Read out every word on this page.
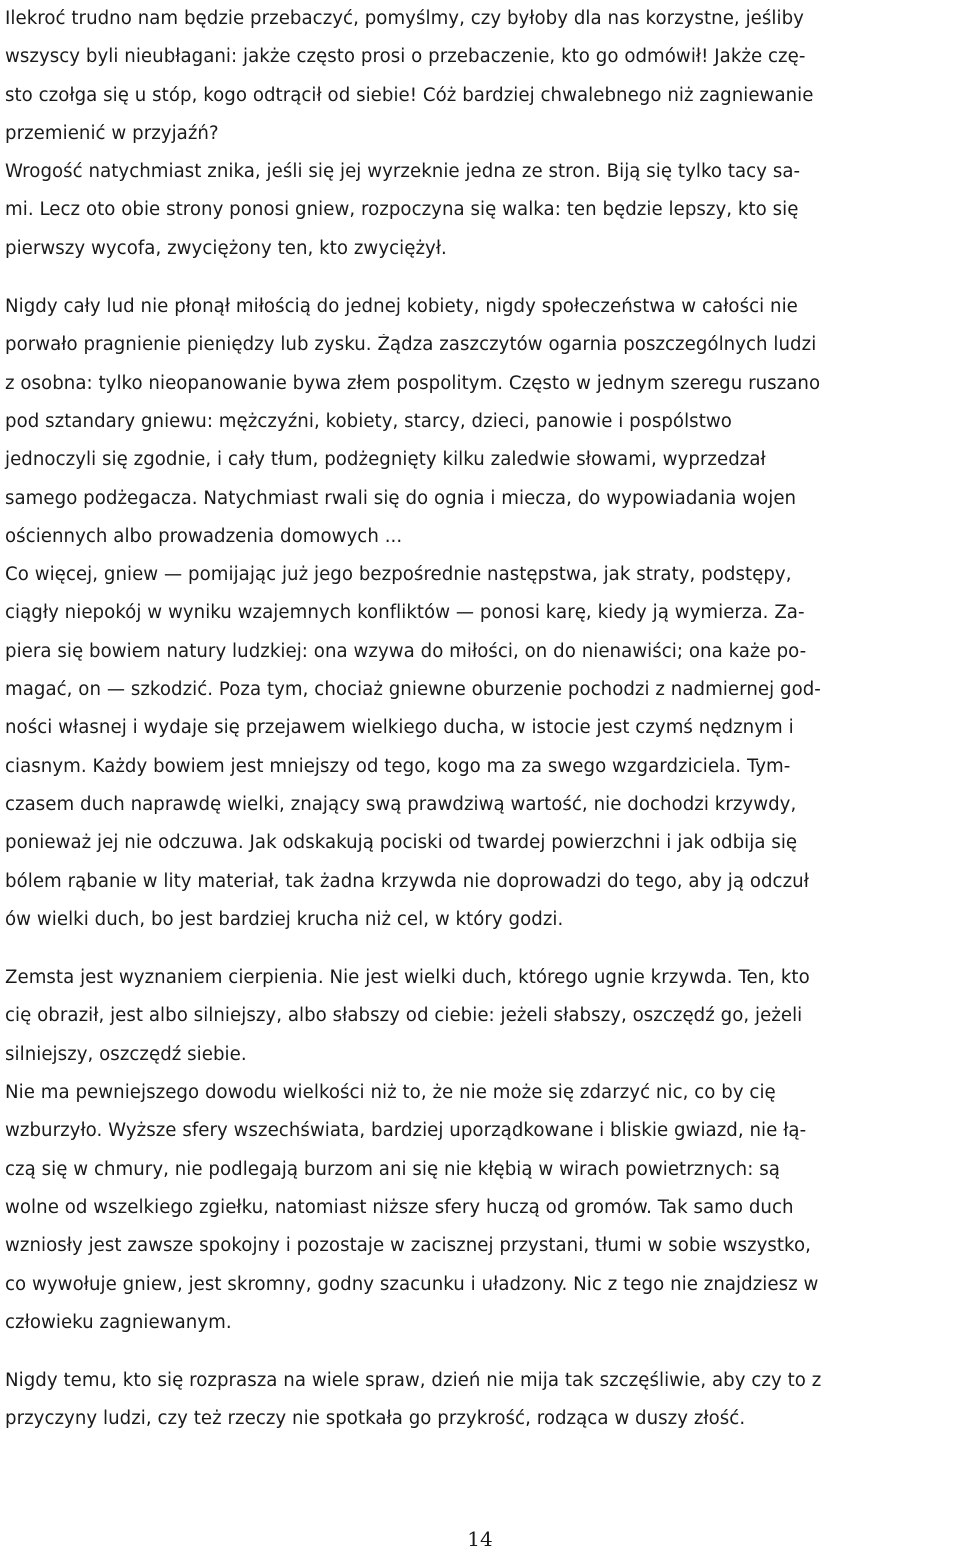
Ilekroć trudno nam będzie przebaczyć, pomyślmy, czy byłoby dla nas korzystne, jeśliby
wszyscy byli nieubłagani: jakże często prosi o przebaczenie, kto go odmówił! Jakże czę-
sto czołga się u stóp, kogo odtrącił od siebie! Cóż bardziej chwalebnego niż zagniewanie
przemienić w przyjaźń?
Wrogość natychmiast znika, jeśli się jej wyrzeknie jedna ze stron. Biją się tylko tacy sa-
mi. Lecz oto obie strony ponosi gniew, rozpoczyna się walka: ten będzie lepszy, kto się
pierwszy wycofa, zwyciężony ten, kto zwyciężył.
Nigdy cały lud nie płonął miłością do jednej kobiety, nigdy społeczeństwa w całości nie
porwało pragnienie pieniędzy lub zysku. Żądza zaszczytów ogarnia poszczególnych ludzi
z osobna: tylko nieopanowanie bywa złem pospolitym. Często w jednym szeregu ruszano
pod sztandary gniewu: mężczyźni, kobiety, starcy, dzieci, panowie i pospólstwo
jednoczyli się zgodnie, i cały tłum, podżegnięty kilku zaledwie słowami, wyprzedzał
samego podżegacza. Natychmiast rwali się do ognia i miecza, do wypowiadania wojen
ościennych albo prowadzenia domowych ...
Co więcej, gniew — pomijając już jego bezpośrednie następstwa, jak straty, podstępy,
ciągły niepokój w wyniku wzajemnych konfliktów — ponosi karę, kiedy ją wymierza. Za-
piera się bowiem natury ludzkiej: ona wzywa do miłości, on do nienawiści; ona każe po-
magać, on — szkodzić. Poza tym, chociaż gniewne oburzenie pochodzi z nadmiernej god-
ności własnej i wydaje się przejawem wielkiego ducha, w istocie jest czymś nędznym i
ciasnym. Każdy bowiem jest mniejszy od tego, kogo ma za swego wzgardziciela. Tym-
czasem duch naprawdę wielki, znający swą prawdziwą wartość, nie dochodzi krzywdy,
ponieważ jej nie odczuwa. Jak odskakują pociski od twardej powierzchni i jak odbija się
bólem rąbanie w lity materiał, tak żadna krzywda nie doprowadzi do tego, aby ją odczuł
ów wielki duch, bo jest bardziej krucha niż cel, w który godzi.
Zemsta jest wyznaniem cierpienia. Nie jest wielki duch, którego ugnie krzywda. Ten, kto
cię obraził, jest albo silniejszy, albo słabszy od ciebie: jeżeli słabszy, oszczędź go, jeżeli
silniejszy, oszczędź siebie.
Nie ma pewniejszego dowodu wielkości niż to, że nie może się zdarzyć nic, co by cię
wzburzyło. Wyższe sfery wszechświata, bardziej uporządkowane i bliskie gwiazd, nie łą-
czą się w chmury, nie podlegają burzom ani się nie kłębią w wirach powietrznych: są
wolne od wszelkiego zgiełku, natomiast niższe sfery huczą od gromów. Tak samo duch
wzniosły jest zawsze spokojny i pozostaje w zacisznej przystani, tłumi w sobie wszystko,
co wywołuje gniew, jest skromny, godny szacunku i uładzony. Nic z tego nie znajdziesz w
człowieku zagniewanym.
Nigdy temu, kto się rozprasza na wiele spraw, dzień nie mija tak szczęśliwie, aby czy to z
przyczyny ludzi, czy też rzeczy nie spotkała go przykrość, rodząca w duszy złość.
14
